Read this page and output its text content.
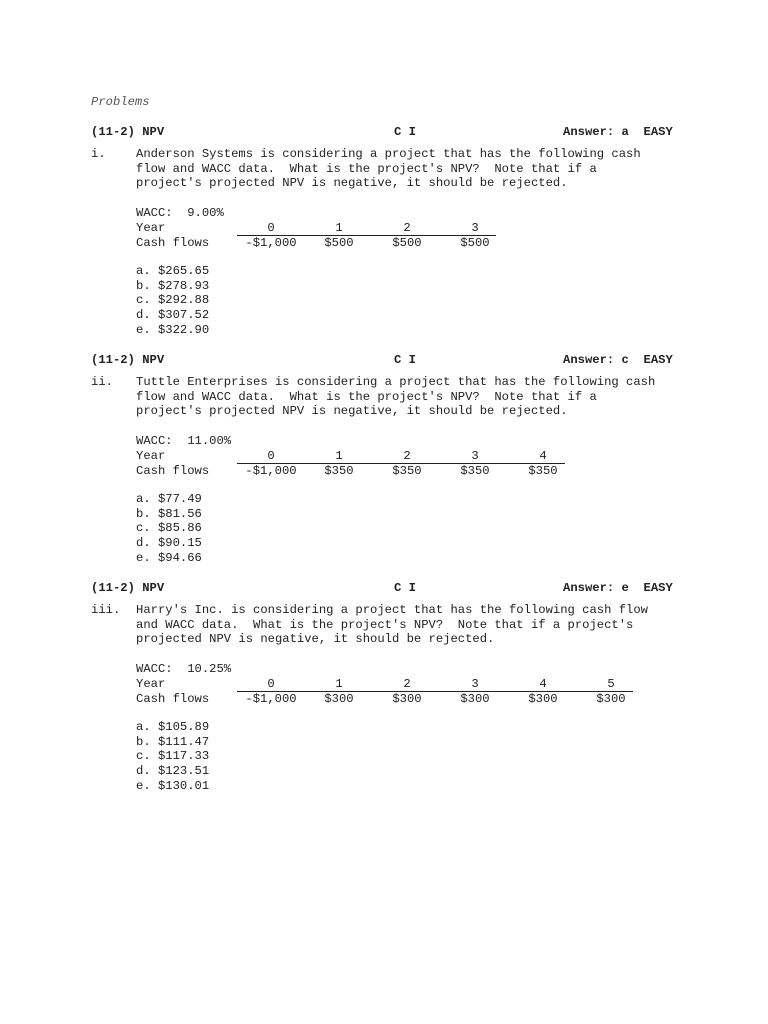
Problems
(11-2) NPV	C I	Answer: a EASY
i. Anderson Systems is considering a project that has the following cash
flow and WACC data.  What is the project's NPV?  Note that if a
project's projected NPV is negative, it should be rejected.
WACC: 9.00%
Year	0	1	2	3
Cash flows	-$1,000	$500	$500	$500
a. $265.65
b. $278.93
c. $292.88
d. $307.52
e. $322.90
(11-2) NPV	C I	Answer: c EASY
ii. Tuttle Enterprises is considering a project that has the following cash
flow and WACC data.  What is the project's NPV?  Note that if a
project's projected NPV is negative, it should be rejected.
WACC: 11.00%
Year	0	1	2	3	4
Cash flows	-$1,000	$350	$350	$350	$350
a. $77.49
b. $81.56
c. $85.86
d. $90.15
e. $94.66
(11-2) NPV	C I	Answer: e EASY
iii. Harry's Inc. is considering a project that has the following cash flow
and WACC data.  What is the project's NPV?  Note that if a project's
projected NPV is negative, it should be rejected.
WACC: 10.25%
Year	0	1	2	3	4	5
Cash flows	-$1,000	$300	$300	$300	$300	$300
a. $105.89
b. $111.47
c. $117.33
d. $123.51
e. $130.01
